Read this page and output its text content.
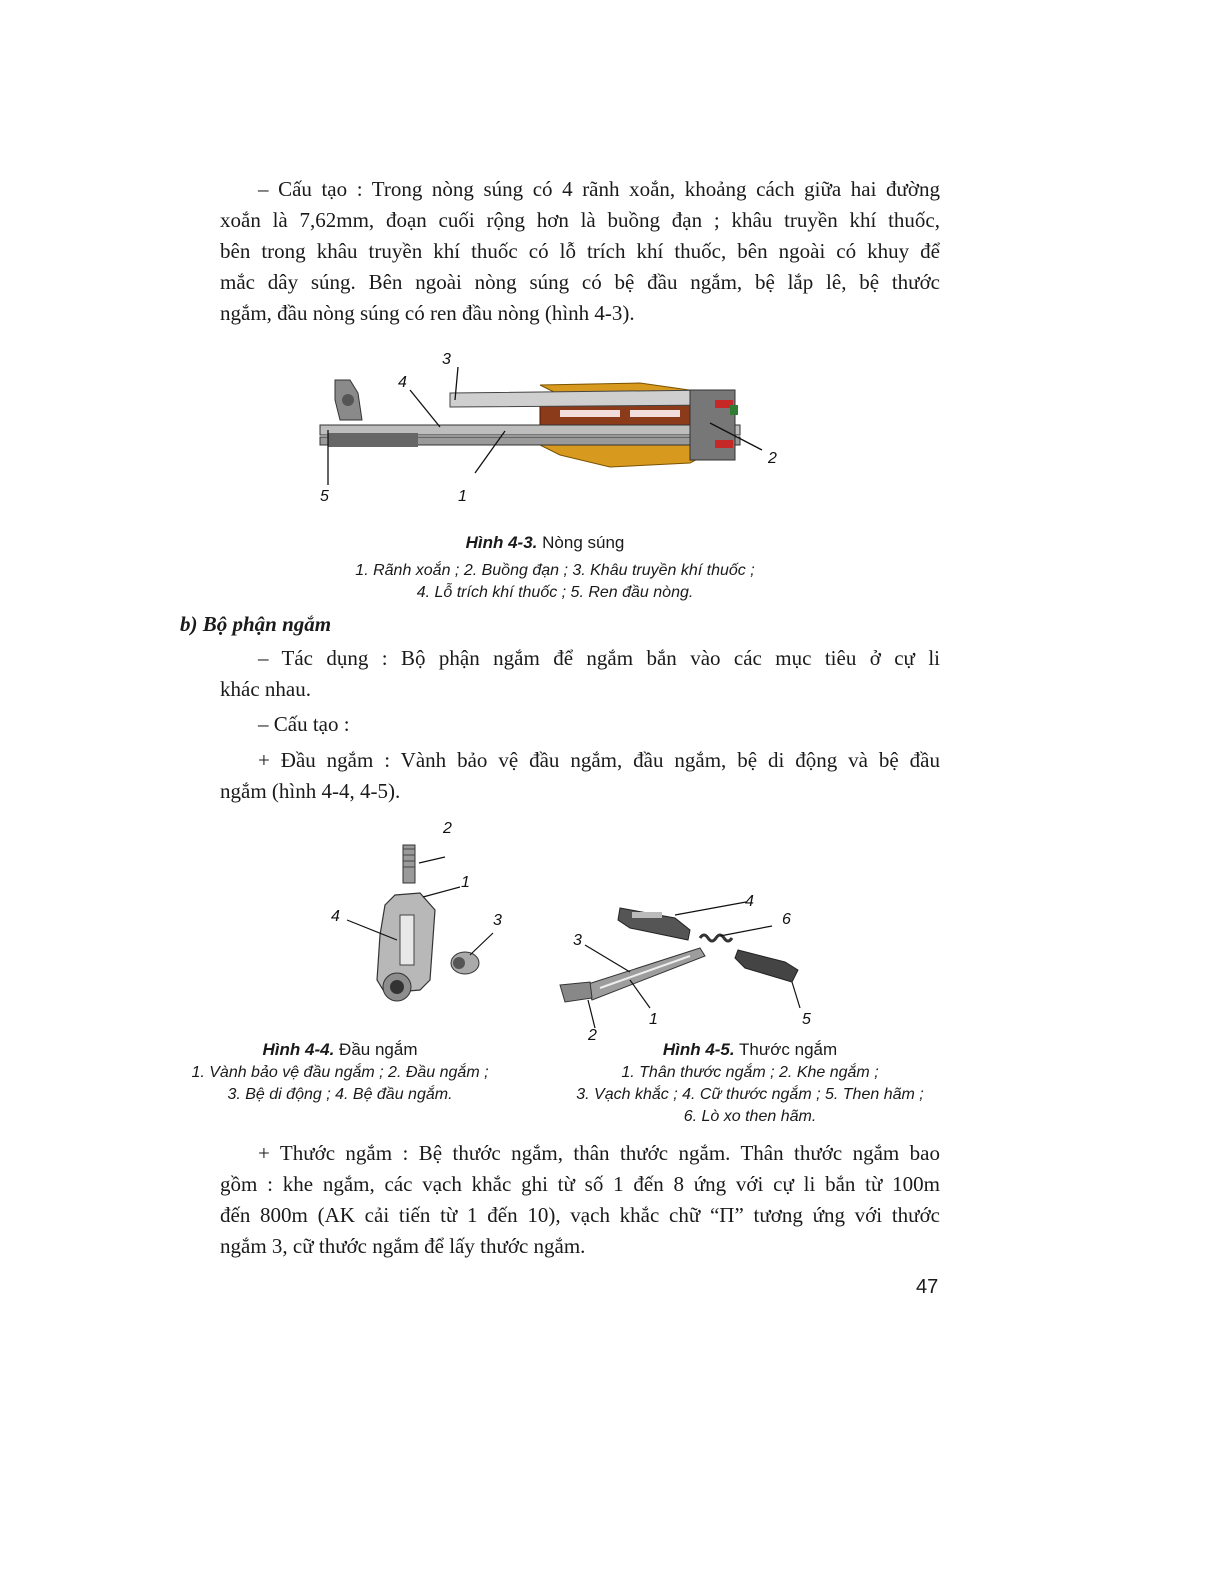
– Cấu tạo : Trong nòng súng có 4 rãnh xoắn, khoảng cách giữa hai đường
xoắn là 7,62mm, đoạn cuối rộng hơn là buồng đạn ; khâu truyền khí thuốc,
bên trong khâu truyền khí thuốc có lỗ trích khí thuốc, bên ngoài có khuy để
mắc dây súng. Bên ngoài nòng súng có bệ đầu ngắm, bệ lắp lê, bệ thước
ngắm, đầu nòng súng có ren đầu nòng (hình 4-3).
3
4
2
5	1
Hình 4-3. Nòng súng
1. Rãnh xoắn ; 2. Buồng đạn ; 3. Khâu truyền khí thuốc ;
4. Lỗ trích khí thuốc ; 5. Ren đầu nòng.
b) Bộ phận ngắm
– Tác dụng : Bộ phận ngắm để ngắm bắn vào các mục tiêu ở cự li
khác nhau.
– Cấu tạo :
+ Đầu ngắm : Vành bảo vệ đầu ngắm, đầu ngắm, bệ di động và bệ đầu
ngắm (hình 4-4, 4-5).
2
1
3
4
4
6
3
1
2
5
Hình 4-4. Đầu ngắm
1. Vành bảo vệ đầu ngắm ; 2. Đầu ngắm ;
3. Bệ di động ; 4. Bệ đầu ngắm.
Hình 4-5. Thước ngắm
1. Thân thước ngắm ; 2. Khe ngắm ;
3. Vạch khắc ; 4. Cữ thước ngắm ; 5. Then hãm ;
6. Lò xo then hãm.
+ Thước ngắm : Bệ thước ngắm, thân thước ngắm. Thân thước ngắm bao
gồm : khe ngắm, các vạch khắc ghi từ số 1 đến 8 ứng với cự li bắn từ 100m
đến 800m (AK cải tiến từ 1 đến 10), vạch khắc chữ “П” tương ứng với thước
ngắm 3, cữ thước ngắm để lấy thước ngắm.
47
